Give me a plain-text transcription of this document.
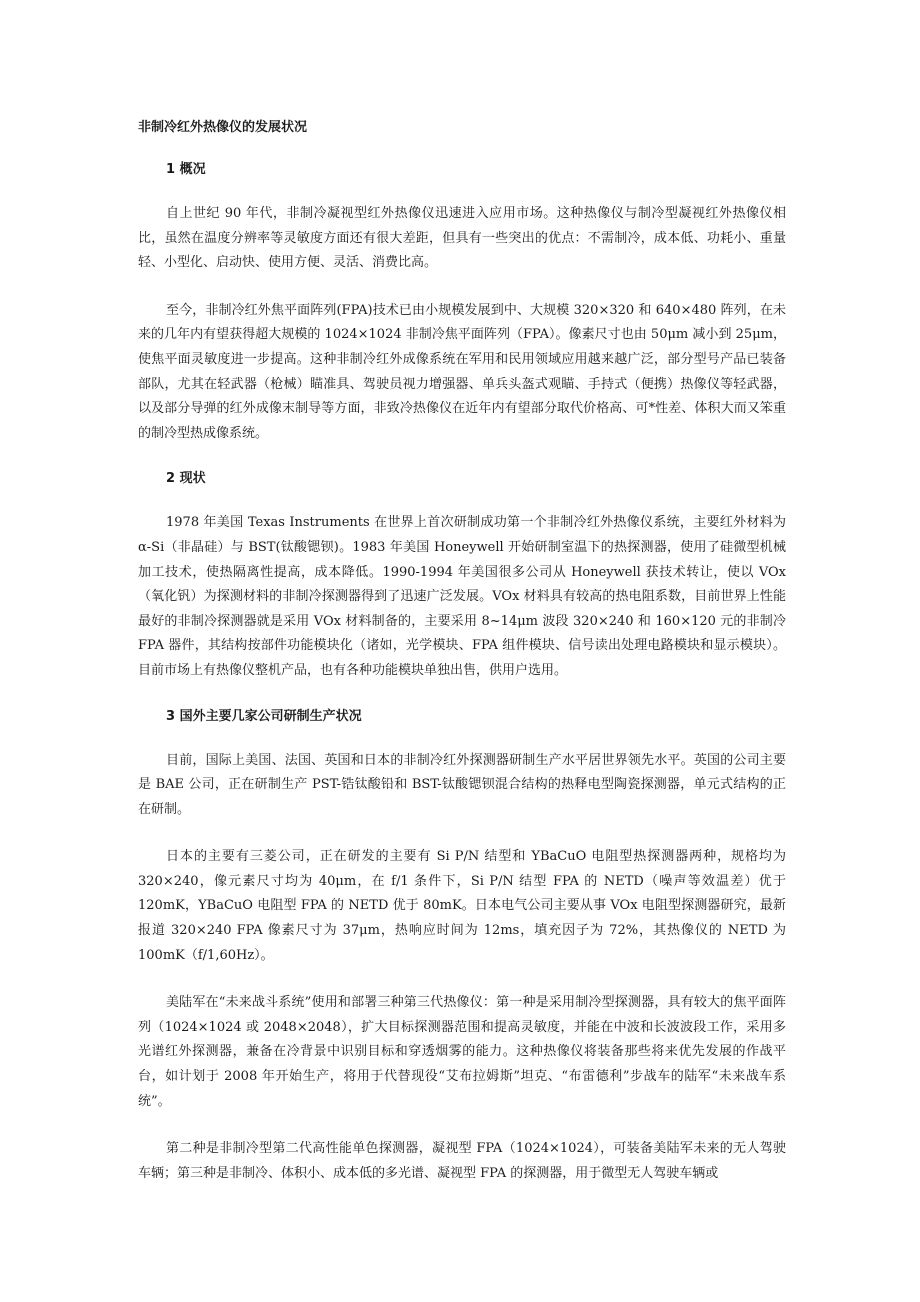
非制冷红外热像仪的发展状况
1 概况

自上世纪 90 年代，非制冷凝视型红外热像仪迅速进入应用市场。这种热像仪与制冷型凝视红外热像仪相比，虽然在温度分辨率等灵敏度方面还有很大差距，但具有一些突出的优点：不需制冷，成本低、功耗小、重量轻、小型化、启动快、使用方便、灵活、消费比高。

至今，非制冷红外焦平面阵列(FPA)技术已由小规模发展到中、大规模 320×320 和 640×480 阵列，在未来的几年内有望获得超大规模的 1024×1024 非制冷焦平面阵列（FPA）。像素尺寸也由 50μm 减小到 25μm，使焦平面灵敏度进一步提高。这种非制冷红外成像系统在军用和民用领域应用越来越广泛，部分型号产品已装备部队，尤其在轻武器（枪械）瞄准具、驾驶员视力增强器、单兵头盔式观瞄、手持式（便携）热像仪等轻武器，以及部分导弹的红外成像末制导等方面，非致冷热像仪在近年内有望部分取代价格高、可*性差、体积大而又笨重的制冷型热成像系统。

2 现状

1978 年美国 Texas Instruments 在世界上首次研制成功第一个非制冷红外热像仪系统，主要红外材料为 α-Si（非晶硅）与 BST(钛酸锶钡)。1983 年美国 Honeywell 开始研制室温下的热探测器，使用了硅微型机械加工技术，使热隔离性提高，成本降低。1990-1994 年美国很多公司从 Honeywell 获技术转让，使以 VOx（氧化钒）为探测材料的非制冷探测器得到了迅速广泛发展。VOx 材料具有较高的热电阻系数，目前世界上性能最好的非制冷探测器就是采用 VOx 材料制备的，主要采用 8~14μm 波段 320×240 和 160×120 元的非制冷 FPA 器件，其结构按部件功能模块化（诸如，光学模块、FPA 组件模块、信号读出处理电路模块和显示模块）。目前市场上有热像仪整机产品，也有各种功能模块单独出售，供用户选用。

3 国外主要几家公司研制生产状况

目前，国际上美国、法国、英国和日本的非制冷红外探测器研制生产水平居世界领先水平。英国的公司主要是 BAE 公司，正在研制生产 PST-锆钛酸铅和 BST-钛酸锶钡混合结构的热释电型陶瓷探测器，单元式结构的正在研制。

日本的主要有三菱公司，正在研发的主要有 Si P/N 结型和 YBaCuO 电阻型热探测器两种，规格均为 320×240，像元素尺寸均为 40μm，在 f/1 条件下，Si P/N 结型 FPA 的 NETD（噪声等效温差）优于 120mK，YBaCuO 电阻型 FPA 的 NETD 优于 80mK。日本电气公司主要从事 VOx 电阻型探测器研究，最新报道 320×240 FPA 像素尺寸为 37μm，热响应时间为 12ms，填充因子为 72%，其热像仪的 NETD 为 100mK（f/1,60Hz）。

美陆军在“未来战斗系统”使用和部署三种第三代热像仪：第一种是采用制冷型探测器，具有较大的焦平面阵列（1024×1024 或 2048×2048），扩大目标探测器范围和提高灵敏度，并能在中波和长波波段工作，采用多光谱红外探测器，兼备在冷背景中识别目标和穿透烟雾的能力。这种热像仪将装备那些将来优先发展的作战平台，如计划于 2008 年开始生产，将用于代替现役“艾布拉姆斯”坦克、“布雷德利”步战车的陆军“未来战车系统”。

第二种是非制冷型第二代高性能单色探测器，凝视型 FPA（1024×1024），可装备美陆军未来的无人驾驶车辆；第三种是非制冷、体积小、成本低的多光谱、凝视型 FPA 的探测器，用于微型无人驾驶车辆或
